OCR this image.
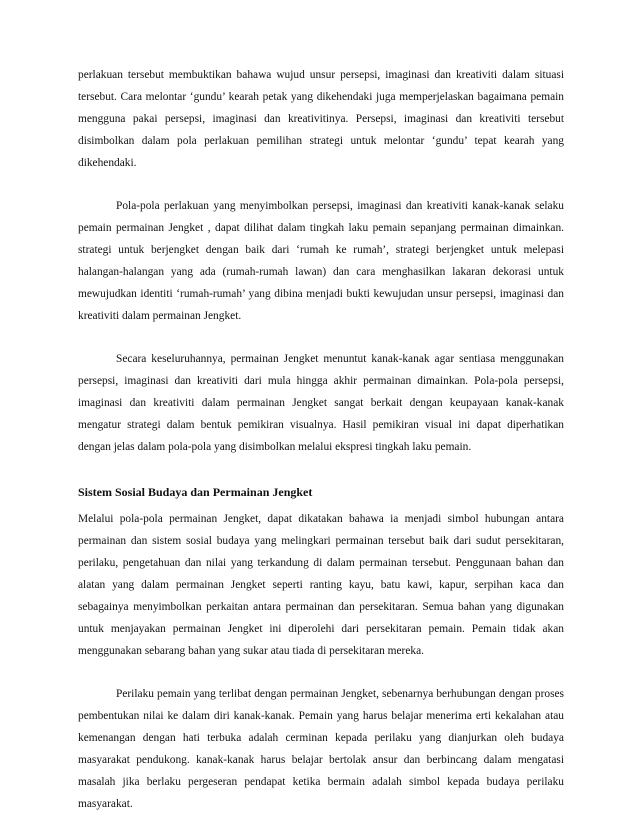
perlakuan tersebut membuktikan bahawa wujud unsur persepsi, imaginasi dan kreativiti dalam situasi tersebut. Cara melontar ‘gundu’ kearah petak yang dikehendaki juga memperjelaskan bagaimana pemain mengguna pakai persepsi, imaginasi dan kreativitinya. Persepsi, imaginasi dan kreativiti tersebut disimbolkan dalam pola perlakuan pemilihan strategi untuk melontar ‘gundu’ tepat kearah yang dikehendaki.

Pola-pola perlakuan yang menyimbolkan persepsi, imaginasi dan kreativiti kanak-kanak selaku pemain permainan Jengket , dapat dilihat dalam tingkah laku pemain sepanjang permainan dimainkan. strategi untuk berjengket dengan baik dari ‘rumah ke rumah’, strategi berjengket untuk melepasi halangan-halangan yang ada (rumah-rumah lawan) dan cara menghasilkan lakaran dekorasi untuk mewujudkan identiti ‘rumah-rumah’ yang dibina menjadi bukti kewujudan unsur persepsi, imaginasi dan kreativiti dalam permainan Jengket.

Secara keseluruhannya, permainan Jengket menuntut kanak-kanak agar sentiasa menggunakan persepsi, imaginasi dan kreativiti dari mula hingga akhir permainan dimainkan. Pola-pola persepsi, imaginasi dan kreativiti dalam permainan Jengket sangat berkait dengan keupayaan kanak-kanak mengatur strategi dalam bentuk pemikiran visualnya. Hasil pemikiran visual ini dapat diperhatikan dengan jelas dalam pola-pola yang disimbolkan melalui ekspresi tingkah laku pemain.

Sistem Sosial Budaya dan Permainan Jengket

Melalui pola-pola permainan Jengket, dapat dikatakan bahawa ia menjadi simbol hubungan antara permainan dan sistem sosial budaya yang melingkari permainan tersebut baik dari sudut persekitaran, perilaku, pengetahuan dan nilai yang terkandung di dalam permainan tersebut. Penggunaan bahan dan alatan yang dalam permainan Jengket seperti ranting kayu, batu kawi, kapur, serpihan kaca dan sebagainya menyimbolkan perkaitan antara permainan dan persekitaran. Semua bahan yang digunakan untuk menjayakan permainan Jengket ini diperolehi dari persekitaran pemain. Pemain tidak akan menggunakan sebarang bahan yang sukar atau tiada di persekitaran mereka.

Perilaku pemain yang terlibat dengan permainan Jengket, sebenarnya berhubungan dengan proses pembentukan nilai ke dalam diri kanak-kanak. Pemain yang harus belajar menerima erti kekalahan atau kemenangan dengan hati terbuka adalah cerminan kepada perilaku yang dianjurkan oleh budaya masyarakat pendukong. kanak-kanak harus belajar bertolak ansur dan berbincang dalam mengatasi masalah jika berlaku pergeseran pendapat ketika bermain adalah simbol kepada budaya perilaku masyarakat.
